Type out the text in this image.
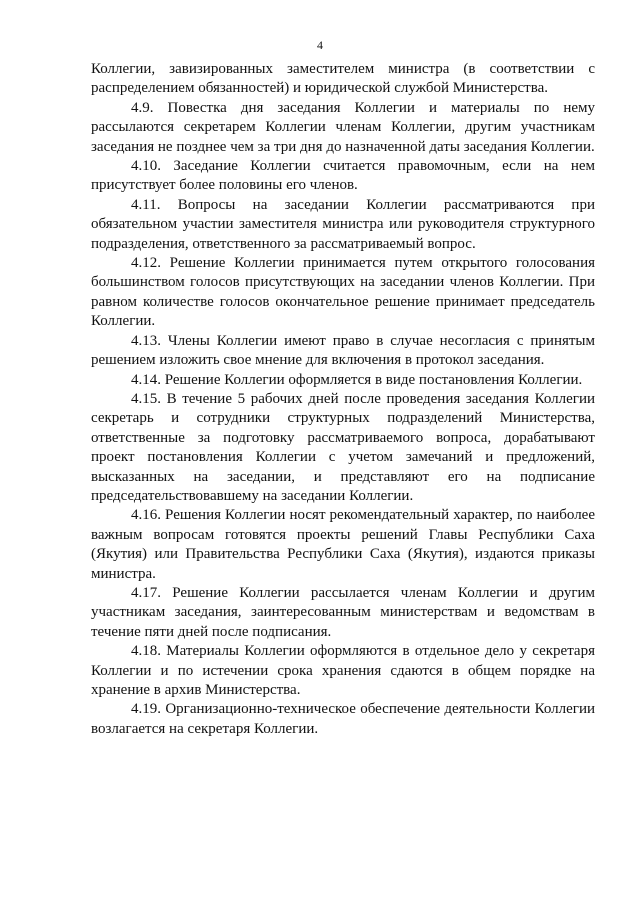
4

Коллегии, завизированных заместителем министра (в соответствии с распределением обязанностей) и юридической службой Министерства.

4.9. Повестка дня заседания Коллегии и материалы по нему рассылаются секретарем Коллегии членам Коллегии, другим участникам заседания не позднее чем за три дня до назначенной даты заседания Коллегии.

4.10. Заседание Коллегии считается правомочным, если на нем присутствует более половины его членов.

4.11. Вопросы на заседании Коллегии рассматриваются при обязательном участии заместителя министра или руководителя структурного подразделения, ответственного за рассматриваемый вопрос.

4.12. Решение Коллегии принимается путем открытого голосования большинством голосов присутствующих на заседании членов Коллегии. При равном количестве голосов окончательное решение принимает председатель Коллегии.

4.13. Члены Коллегии имеют право в случае несогласия с принятым решением изложить свое мнение для включения в протокол заседания.

4.14. Решение Коллегии оформляется в виде постановления Коллегии.

4.15. В течение 5 рабочих дней после проведения заседания Коллегии секретарь и сотрудники структурных подразделений Министерства, ответственные за подготовку рассматриваемого вопроса, дорабатывают проект постановления Коллегии с учетом замечаний и предложений, высказанных на заседании, и представляют его на подписание председательствовавшему на заседании Коллегии.

4.16. Решения Коллегии носят рекомендательный характер, по наиболее важным вопросам готовятся проекты решений Главы Республики Саха (Якутия) или Правительства Республики Саха (Якутия), издаются приказы министра.

4.17. Решение Коллегии рассылается членам Коллегии и другим участникам заседания, заинтересованным министерствам и ведомствам в течение пяти дней после подписания.

4.18. Материалы Коллегии оформляются в отдельное дело у секретаря Коллегии и по истечении срока хранения сдаются в общем порядке на хранение в архив Министерства.

4.19. Организационно-техническое обеспечение деятельности Коллегии возлагается на секретаря Коллегии.
